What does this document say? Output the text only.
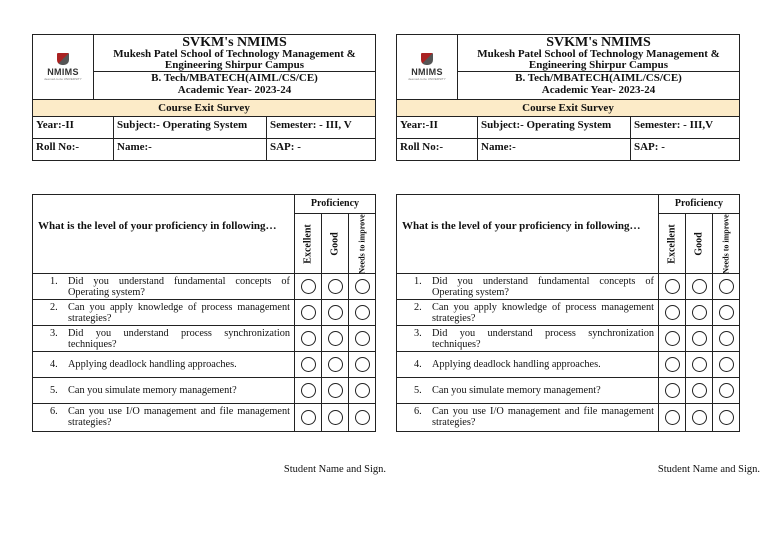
NMIMS
deemed-to-be UNIVERSITY
SVKM's NMIMS
Mukesh Patel School of Technology Management &
Engineering Shirpur Campus
B. Tech/MBATECH(AIML/CS/CE)
Academic Year- 2023-24
Course Exit Survey
Year:-II	Subject:- Operating System	Semester: - III, V
Roll No:-	Name:-	SAP: -
What is the level of your proficiency in following…
Proficiency
Excellent Good Needs to improve
1. Did you understand fundamental concepts of Operating system?
2. Can you apply knowledge of process management strategies?
3. Did you understand process synchronization techniques?
4. Applying deadlock handling approaches.
5. Can you simulate memory management?
6. Can you use I/O management and file management strategies?
Student Name and Sign.
NMIMS
deemed-to-be UNIVERSITY
SVKM's NMIMS
Mukesh Patel School of Technology Management &
Engineering Shirpur Campus
B. Tech/MBATECH(AIML/CS/CE)
Academic Year- 2023-24
Course Exit Survey
Year:-II	Subject:- Operating System	Semester: - III,V
Roll No:-	Name:-	SAP: -
What is the level of your proficiency in following…
Proficiency
Excellent Good Needs to improve
1. Did you understand fundamental concepts of Operating system?
2. Can you apply knowledge of process management strategies?
3. Did you understand process synchronization techniques?
4. Applying deadlock handling approaches.
5. Can you simulate memory management?
6. Can you use I/O management and file management strategies?
Student Name and Sign.
